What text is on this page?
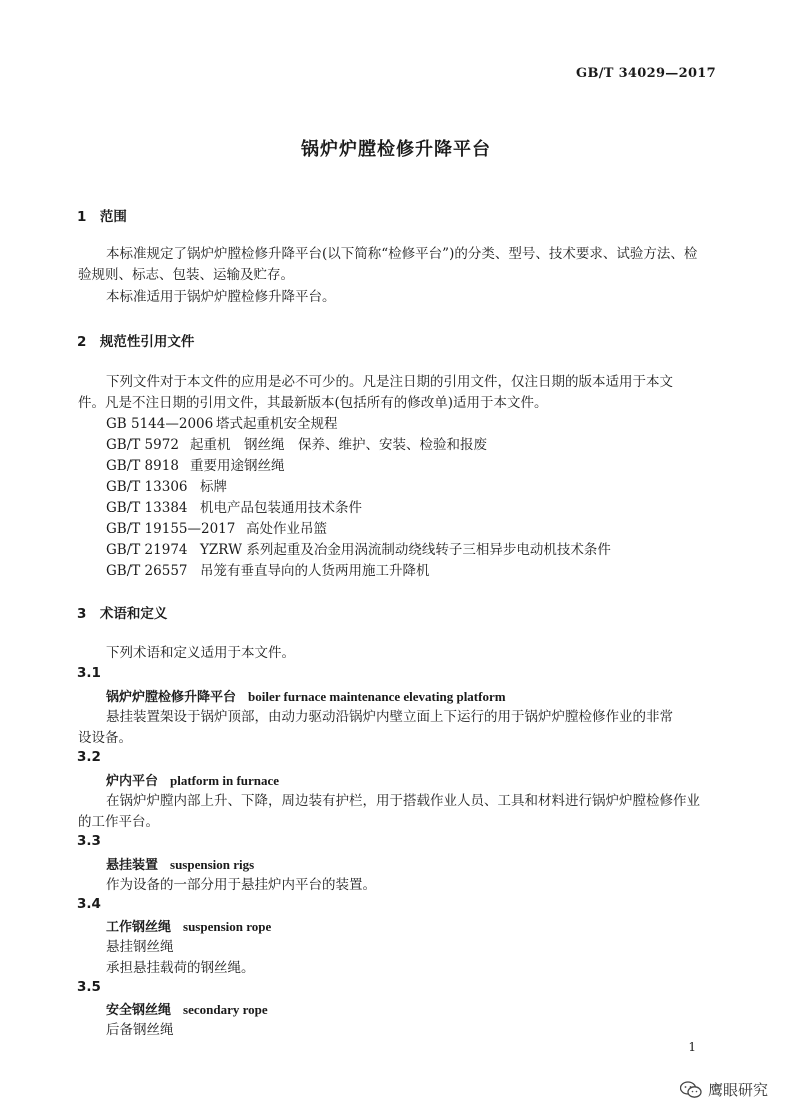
GB/T 34029—2017
锅炉炉膛检修升降平台
1　范围
本标准规定了锅炉炉膛检修升降平台(以下简称“检修平台”)的分类、型号、技术要求、试验方法、检
验规则、标志、包装、运输及贮存。
本标准适用于锅炉炉膛检修升降平台。
2　规范性引用文件
下列文件对于本文件的应用是必不可少的。凡是注日期的引用文件，仅注日期的版本适用于本文
件。凡是不注日期的引用文件，其最新版本(包括所有的修改单)适用于本文件。
GB 5144—2006 塔式起重机安全规程
GB/T 5972 起重机　钢丝绳　保养、维护、安装、检验和报废
GB/T 8918 重要用途钢丝绳
GB/T 13306 标牌
GB/T 13384 机电产品包装通用技术条件
GB/T 19155—2017 高处作业吊篮
GB/T 21974 YZRW 系列起重及冶金用涡流制动绕线转子三相异步电动机技术条件
GB/T 26557 吊笼有垂直导向的人货两用施工升降机
3　术语和定义
下列术语和定义适用于本文件。
3.1
锅炉炉膛检修升降平台 boiler furnace maintenance elevating platform
悬挂装置架设于锅炉顶部，由动力驱动沿锅炉内壁立面上下运行的用于锅炉炉膛检修作业的非常
设设备。
3.2
炉内平台 platform in furnace
在锅炉炉膛内部上升、下降，周边装有护栏，用于搭载作业人员、工具和材料进行锅炉炉膛检修作业
的工作平台。
3.3
悬挂装置 suspension rigs
作为设备的一部分用于悬挂炉内平台的装置。
3.4
工作钢丝绳 suspension rope
悬挂钢丝绳
承担悬挂载荷的钢丝绳。
3.5
安全钢丝绳 secondary rope
后备钢丝绳
1
鹰眼研究
